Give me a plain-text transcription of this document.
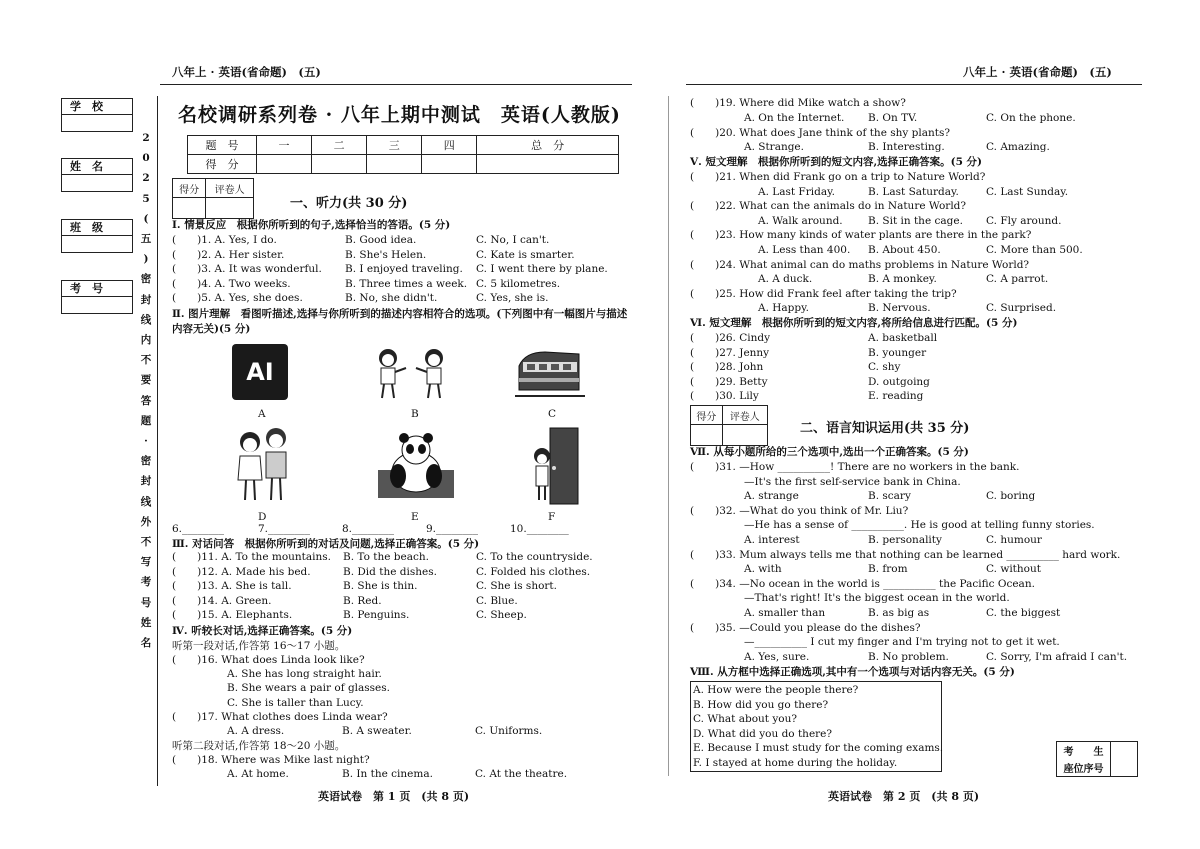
八年上 · 英语(省命题)　(五)	八年上 · 英语(省命题)　(五)
学　校
姓　名
班　级
考　号
2
0
2
5
(
五
)
密
封
线
内
不
要
答
题
·
密
封
线
外
不
写
考
号
姓
名
名校调研系列卷 · 八年上期中测试　英语(人教版)
题　号	一	二	三	四	总　分
得　分					
得分	评卷人

一、听力(共 30 分)
Ⅰ. 情景反应　根据你所听到的句子,选择恰当的答语。(5 分)
Ⅱ. 图片理解　看图听描述,选择与你所听到的描述内容相符合的选项。(下列图中有一幅图片与描述内容无关)(5 分)
AI
A	B	C
D	E	F
6.________	7.________	8.________	9.________	10.________
Ⅲ. 对话问答　根据你所听到的对话及问题,选择正确答案。(5 分)
Ⅳ. 听较长对话,选择正确答案。(5 分)
听第一段对话,作答第 16～17 小题。
(　　)16. What does Linda look like?
A. She has long straight hair.
B. She wears a pair of glasses.
C. She is taller than Lucy.
(　　)17. What clothes does Linda wear?
A. A dress.	B. A sweater.	C. Uniforms.
听第二段对话,作答第 18～20 小题。
(　　)18. Where was Mike last night?
A. At home.	B. In the cinema.	C. At the theatre.
英语试卷　第 1 页　(共 8 页)
(　　)19. Where did Mike watch a show?
A. On the Internet. B. On TV.	C. On the phone.
(　　)20. What does Jane think of the shy plants?
A. Strange.	B. Interesting.	C. Amazing.
Ⅴ. 短文理解　根据你所听到的短文内容,选择正确答案。(5 分)
Ⅵ. 短文理解　根据你所听到的短文内容,将所给信息进行匹配。(5 分)
得分	评卷人

二、语言知识运用(共 35 分)
Ⅶ. 从每小题所给的三个选项中,选出一个正确答案。(5 分)
Ⅷ. 从方框中选择正确选项,其中有一个选项与对话内容无关。(5 分)
考　　生	
座位序号
英语试卷　第 2 页　(共 8 页)
(　　)1. A. Yes, I do.	B. Good idea.	C. No, I can't.
(　　)2. A. Her sister.	B. She's Helen.	C. Kate is smarter.
(　　)3. A. It was wonderful. B. I enjoyed traveling. C. I went there by plane.
(　　)4. A. Two weeks.	B. Three times a week. C. 5 kilometres.
(　　)5. A. Yes, she does.	B. No, she didn't.	C. Yes, she is.
(　　)11. A. To the mountains. B. To the beach.	C. To the countryside.
(　　)12. A. Made his bed.	B. Did the dishes.	C. Folded his clothes.
(　　)13. A. She is tall.	B. She is thin.	C. She is short.
(　　)14. A. Green.	B. Red.	C. Blue.
(　　)15. A. Elephants.	B. Penguins.	C. Sheep.
(　　)21. When did Frank go on a trip to Nature World?
A. Last Friday.	B. Last Saturday.	C. Last Sunday.
(　　)22. What can the animals do in Nature World?
A. Walk around. B. Sit in the cage. C. Fly around.
(　　)23. How many kinds of water plants are there in the park?
A. Less than 400. B. About 450.	C. More than 500.
(　　)24. What animal can do maths problems in Nature World?
A. A duck.	B. A monkey.	C. A parrot.
(　　)25. How did Frank feel after taking the trip?
A. Happy.	B. Nervous.	C. Surprised.
(　　)26. Cindy	A. basketball
(　　)27. Jenny	B. younger
(　　)28. John	C. shy
(　　)29. Betty	D. outgoing
(　　)30. Lily	E. reading
(　　)31. —How __________! There are no workers in the bank.
—It's the first self-service bank in China.
A. strange	B. scary	C. boring
(　　)32. —What do you think of Mr. Liu?
—He has a sense of __________. He is good at telling funny stories.
A. interest	B. personality	C. humour
(　　)33. Mum always tells me that nothing can be learned __________ hard work.
A. with	B. from	C. without
(　　)34. —No ocean in the world is __________ the Pacific Ocean.
—That's right! It's the biggest ocean in the world.
A. smaller than	B. as big as	C. the biggest
(　　)35. —Could you please do the dishes?
—__________ I cut my finger and I'm trying not to get it wet.
A. Yes, sure.	B. No problem.	C. Sorry, I'm afraid I can't.
A. How were the people there?
B. How did you go there?
C. What about you?
D. What did you do there?
E. Because I must study for the coming exams.
F. I stayed at home during the holiday.
